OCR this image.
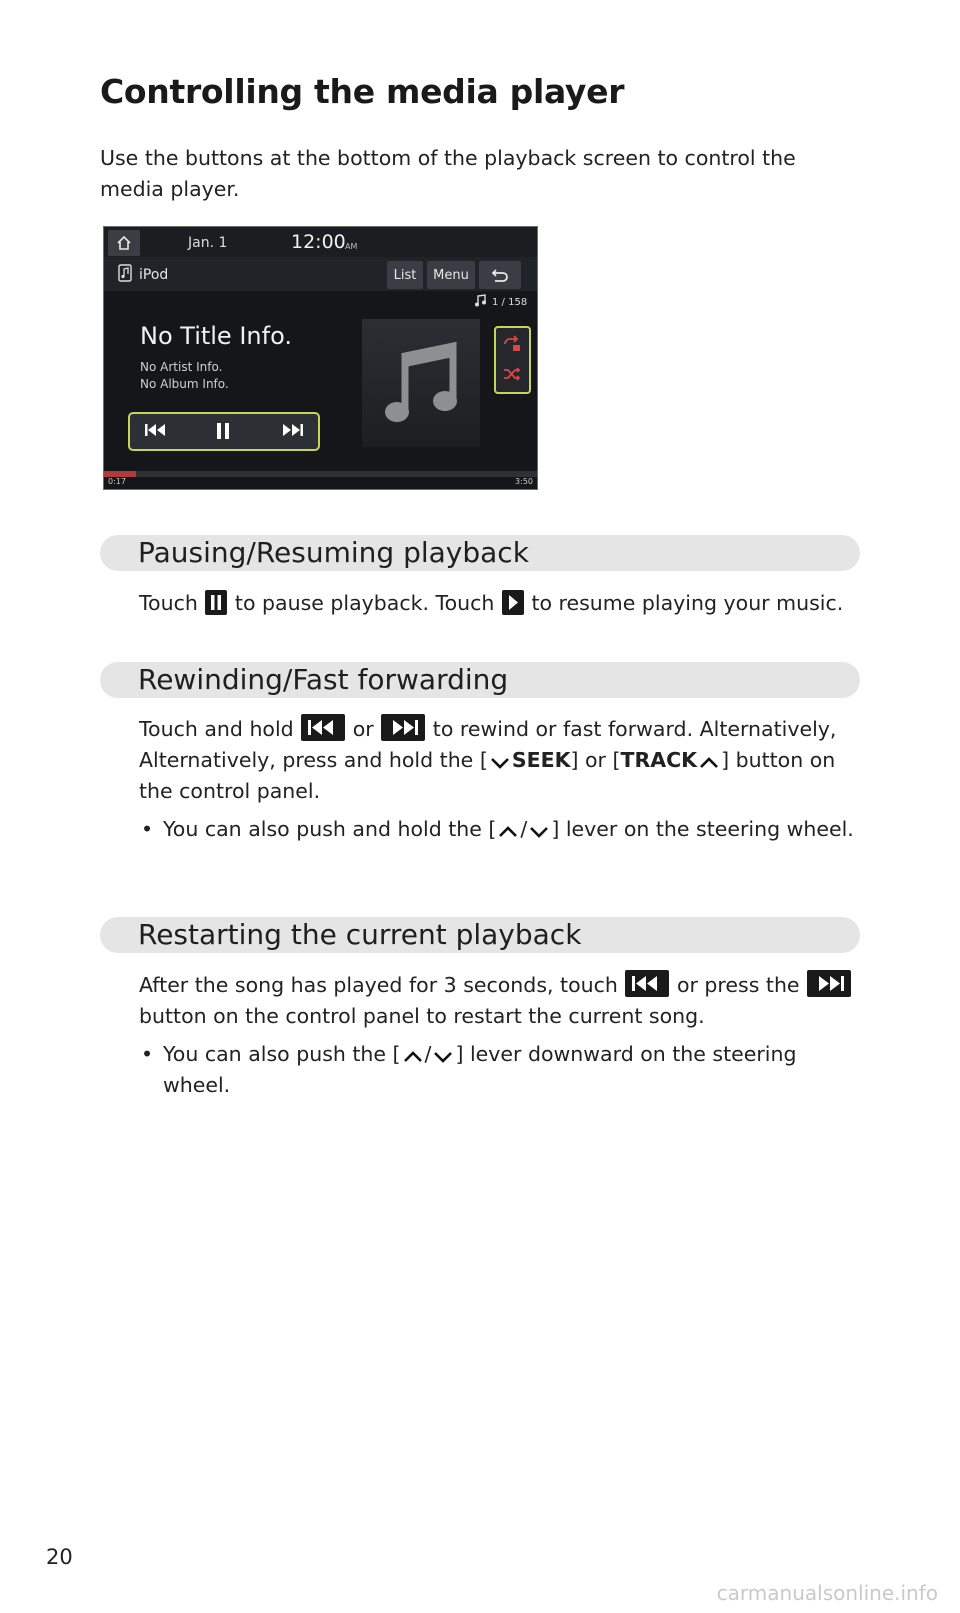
Controlling the media player

Use the buttons at the bottom of the playback screen to control the media player.

Jan. 1	12:00 AM
iPod	List	Menu
1 / 158
No Title Info.
No Artist Info.
No Album Info.
0:17	3:50
Pausing/Resuming playback

Touch to pause playback. Touch to resume playing your music.

Rewinding/Fast forwarding

Touch and hold	or	to rewind or fast forward. Alternatively, Alternatively, press and hold the [ SEEK] or [TRACK ] button on the control panel.

• You can also push and hold the [ / ] lever on the steering wheel.

Restarting the current playback

After the song has played for 3 seconds, touch	or press the
button on the control panel to restart the current song.

• You can also push the [ / ] lever downward on the steering wheel.

20

carmanualsonline.info
